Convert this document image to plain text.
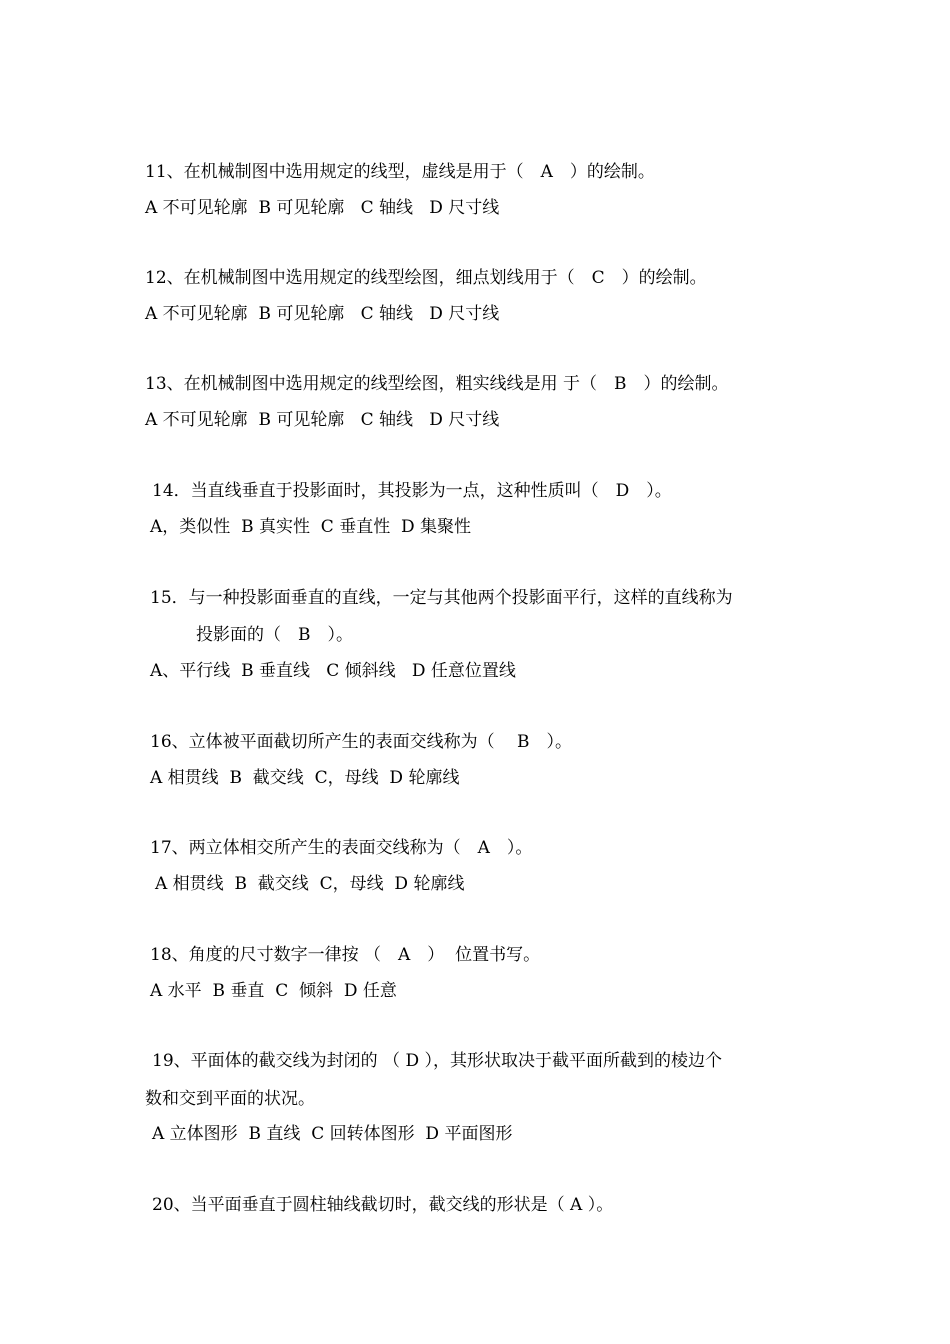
11、在机械制图中选用规定的线型，虚线是用于（　A　）的绘制。
A 不可见轮廓  B 可见轮廓   C 轴线   D 尺寸线
12、在机械制图中选用规定的线型绘图，细点划线用于（　C　）的绘制。
A 不可见轮廓  B 可见轮廓   C 轴线   D 尺寸线
13、在机械制图中选用规定的线型绘图，粗实线线是用 于（　B　）的绘制。
A 不可见轮廓  B 可见轮廓   C 轴线   D 尺寸线
14．当直线垂直于投影面时，其投影为一点，这种性质叫（　D　）。
A，类似性  B 真实性  C 垂直性  D 集聚性
15．与一种投影面垂直的直线，一定与其他两个投影面平行，这样的直线称为
投影面的（　B　）。
A、平行线  B 垂直线   C 倾斜线   D 任意位置线
16、立体被平面截切所产生的表面交线称为（　 B　）。
A 相贯线  B  截交线  C，母线  D 轮廓线
17、两立体相交所产生的表面交线称为（　A　）。
A 相贯线  B  截交线  C，母线  D 轮廓线
18、角度的尺寸数字一律按 （　A　）  位置书写。
A 水平  B 垂直  C  倾斜  D 任意
19、平面体的截交线为封闭的 （ D ），其形状取决于截平面所截到的棱边个
数和交到平面的状况。
A 立体图形  B 直线  C 回转体图形  D 平面图形
20、当平面垂直于圆柱轴线截切时，截交线的形状是（ A ）。
